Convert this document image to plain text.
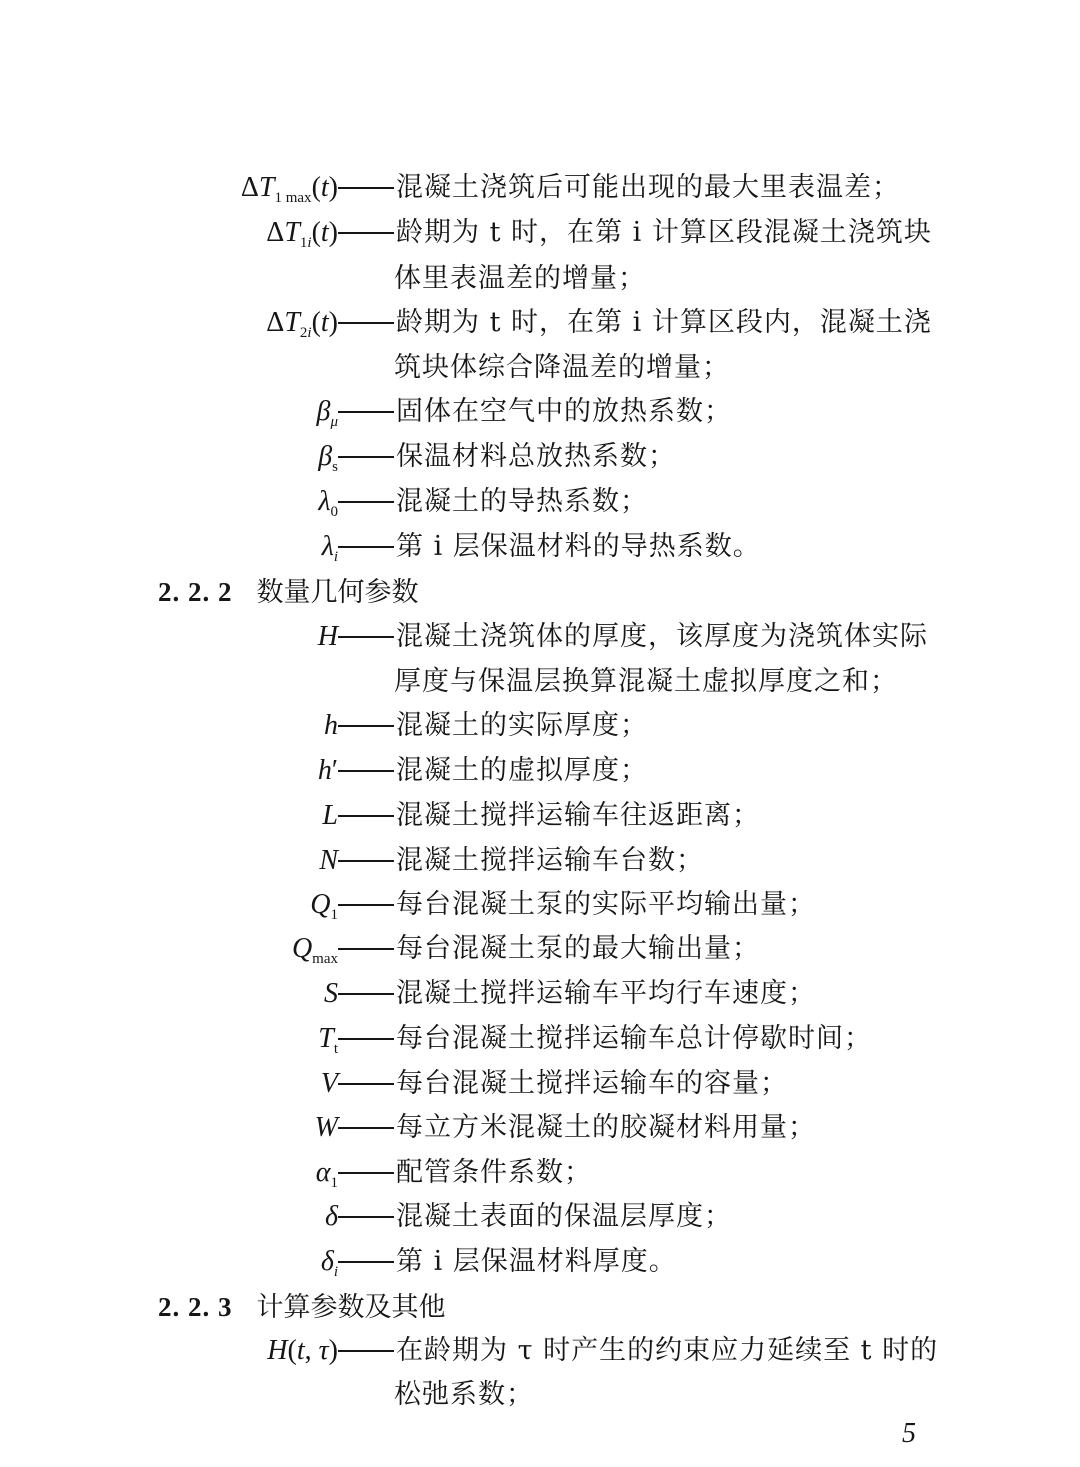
$\Delta T_{1 max}(t)$ 混凝土浇筑后可能出现的最大里表温差；
$\Delta T_{1i}(t)$ 龄期为 t 时，在第 i 计算区段混凝土浇筑块
体里表温差的增量；
$\Delta T_{2i}(t)$ 龄期为 t 时，在第 i 计算区段内，混凝土浇
筑块体综合降温差的增量；
$\beta_\mu$ 固体在空气中的放热系数；
$\beta_s$ 保温材料总放热系数；
$\lambda_0$ 混凝土的导热系数；
$\lambda_i$ 第 i 层保温材料的导热系数。
2. 2. 2 数量几何参数
H 混凝土浇筑体的厚度，该厚度为浇筑体实际
厚度与保温层换算混凝土虚拟厚度之和；
h 混凝土的实际厚度；
h′ 混凝土的虚拟厚度；
L 混凝土搅拌运输车往返距离；
N 混凝土搅拌运输车台数；
$Q_1$ 每台混凝土泵的实际平均输出量；
$Q_{max}$ 每台混凝土泵的最大输出量；
S 混凝土搅拌运输车平均行车速度；
$T_t$ 每台混凝土搅拌运输车总计停歇时间；
V 每台混凝土搅拌运输车的容量；
W 每立方米混凝土的胶凝材料用量；
$\alpha_1$ 配管条件系数；
δ 混凝土表面的保温层厚度；
$\delta_i$ 第 i 层保温材料厚度。
2. 2. 3 计算参数及其他
H(t, τ) 在龄期为 τ 时产生的约束应力延续至 t 时的
松弛系数；
5
